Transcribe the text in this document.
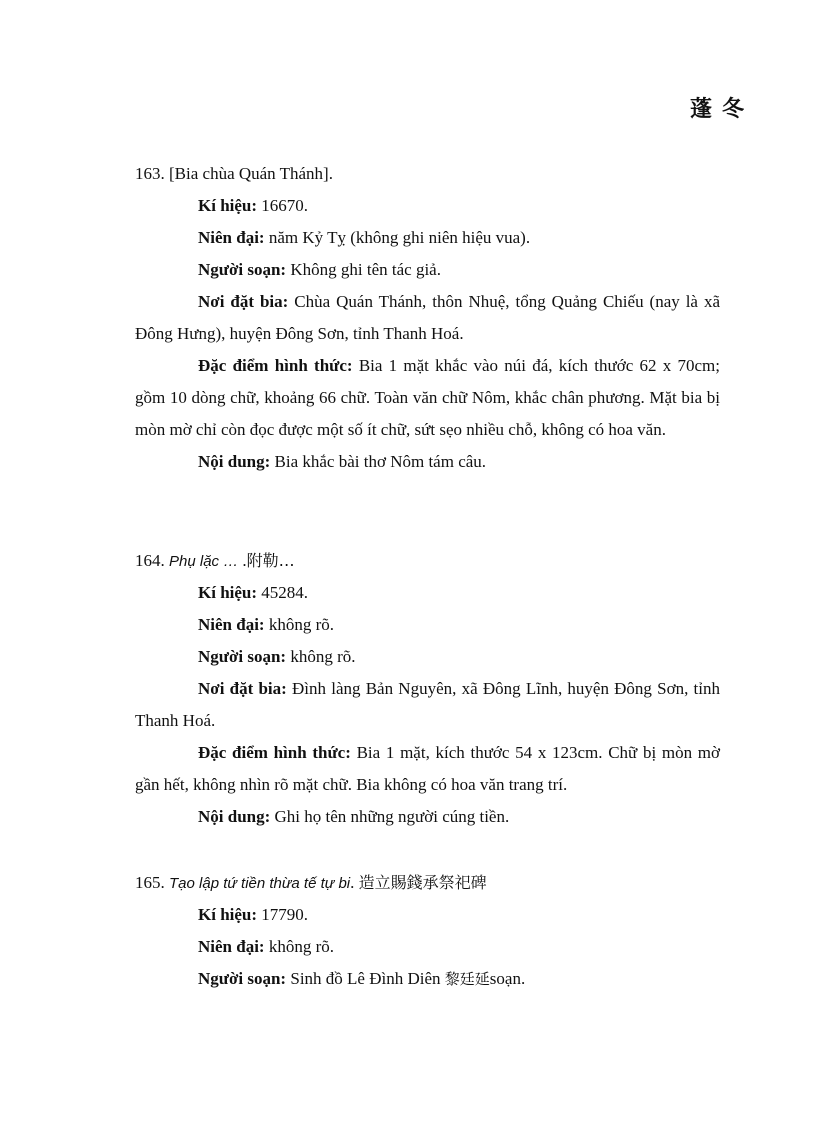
蓬冬
163. [Bia chùa Quán Thánh].
Kí hiệu: 16670.
Niên đại: năm Kỷ Tỵ (không ghi niên hiệu vua).
Người soạn: Không ghi tên tác giả.
Nơi đặt bia: Chùa Quán Thánh, thôn Nhuệ, tổng Quảng Chiếu (nay là xã Đông Hưng), huyện Đông Sơn, tỉnh Thanh Hoá.
Đặc điểm hình thức: Bia 1 mặt khắc vào núi đá, kích thước 62 x 70cm; gồm 10 dòng chữ, khoảng 66 chữ. Toàn văn chữ Nôm, khắc chân phương. Mặt bia bị mòn mờ chỉ còn đọc được một số ít chữ, sứt sẹo nhiều chỗ, không có hoa văn.
Nội dung: Bia khắc bài thơ Nôm tám câu.
164. Phụ lặc … .附勒…
Kí hiệu: 45284.
Niên đại: không rõ.
Người soạn: không rõ.
Nơi đặt bia: Đình làng Bản Nguyên, xã Đông Lĩnh, huyện Đông Sơn, tỉnh Thanh Hoá.
Đặc điểm hình thức: Bia 1 mặt, kích thước 54 x 123cm. Chữ bị mòn mờ gần hết, không nhìn rõ mặt chữ. Bia không có hoa văn trang trí.
Nội dung: Ghi họ tên những người cúng tiền.
165. Tạo lập tứ tiền thừa tế tự bi. 造立賜錢承祭祀碑
Kí hiệu: 17790.
Niên đại: không rõ.
Người soạn: Sinh đồ Lê Đình Diên 黎廷延soạn.
